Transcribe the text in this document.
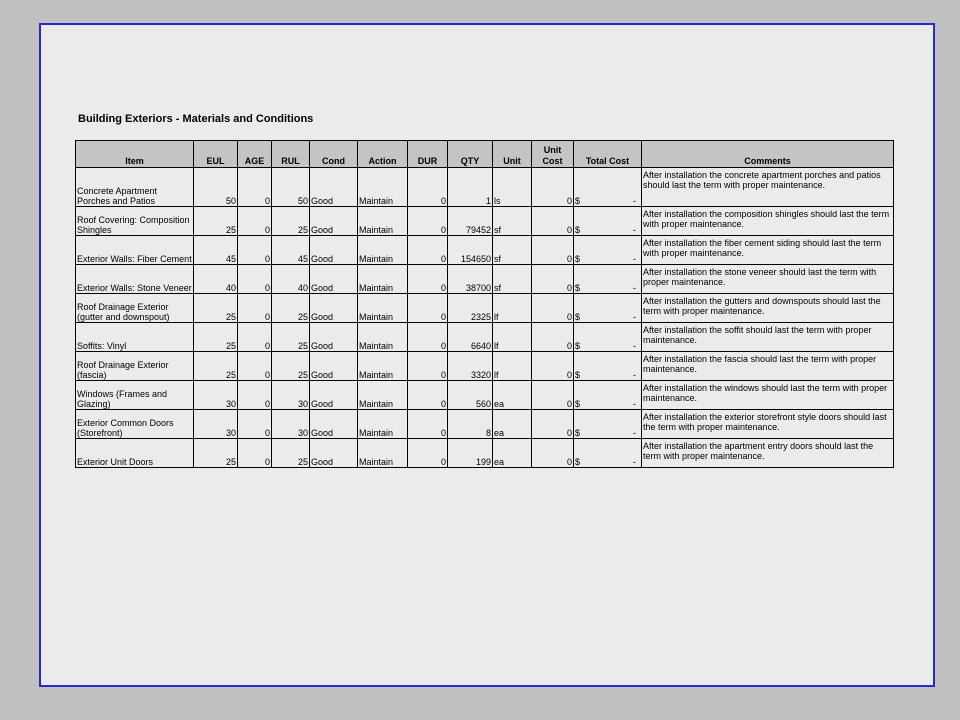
Building Exteriors - Materials and Conditions
Item	EUL	AGE	RUL	Cond	Action	DUR	QTY	Unit	Unit Cost	Total Cost	Comments
Concrete Apartment Porches and Patios	50	0	50	Good	Maintain	0	1	ls	0	$ -	After installation the concrete apartment porches and patios should last the term with proper maintenance.
Roof Covering: Composition Shingles	25	0	25	Good	Maintain	0	79452	sf	0	$ -	After installation the composition shingles should last the term with proper maintenance.
Exterior Walls: Fiber Cement	45	0	45	Good	Maintain	0	154650	sf	0	$ -	After installation the fiber cement siding should last the term with proper maintenance.
Exterior Walls: Stone Veneer	40	0	40	Good	Maintain	0	38700	sf	0	$ -	After installation the stone veneer should last the term with proper maintenance.
Roof Drainage Exterior (gutter and downspout)	25	0	25	Good	Maintain	0	2325	lf	0	$ -	After installation the gutters and downspouts should last the term with proper maintenance.
Soffits: Vinyl	25	0	25	Good	Maintain	0	6640	lf	0	$ -	After installation the soffit should last the term with proper maintenance.
Roof Drainage Exterior (fascia)	25	0	25	Good	Maintain	0	3320	lf	0	$ -	After installation the fascia should last the term with proper maintenance.
Windows (Frames and Glazing)	30	0	30	Good	Maintain	0	560	ea	0	$ -	After installation the windows should last the term with proper maintenance.
Exterior Common Doors (Storefront)	30	0	30	Good	Maintain	0	8	ea	0	$ -	After installation the exterior storefront style doors should last the term with proper maintenance.
Exterior Unit Doors	25	0	25	Good	Maintain	0	199	ea	0	$ -	After installation the apartment entry doors should last the term with proper maintenance.
